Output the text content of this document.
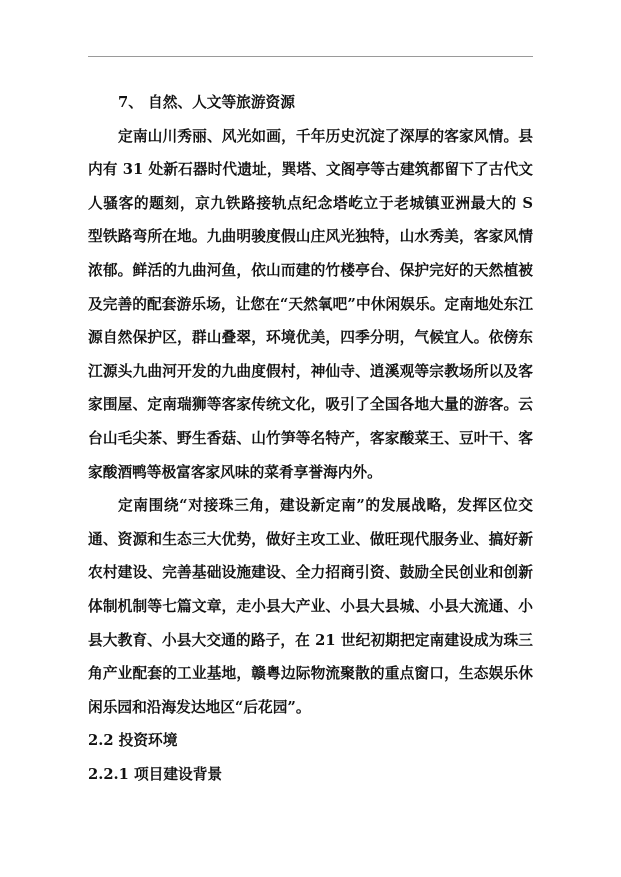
7、 自然、人文等旅游资源

定南山川秀丽、风光如画，千年历史沉淀了深厚的客家风情。县内有 31 处新石器时代遗址，巽塔、文阁亭等古建筑都留下了古代文人骚客的题刻，京九铁路接轨点纪念塔屹立于老城镇亚洲最大的 S 型铁路弯所在地。九曲明骏度假山庄风光独特，山水秀美，客家风情浓郁。鲜活的九曲河鱼，依山而建的竹楼亭台、保护完好的天然植被及完善的配套游乐场，让您在“天然氧吧”中休闲娱乐。定南地处东江源自然保护区，群山叠翠，环境优美，四季分明，气候宜人。依傍东江源头九曲河开发的九曲度假村，神仙寺、逍溪观等宗教场所以及客家围屋、定南瑞狮等客家传统文化，吸引了全国各地大量的游客。云台山毛尖茶、野生香菇、山竹笋等名特产，客家酸菜王、豆叶干、客家酸酒鸭等极富客家风味的菜肴享誉海内外。

定南围绕“对接珠三角，建设新定南”的发展战略，发挥区位交通、资源和生态三大优势，做好主攻工业、做旺现代服务业、搞好新农村建设、完善基础设施建设、全力招商引资、鼓励全民创业和创新体制机制等七篇文章，走小县大产业、小县大县城、小县大流通、小县大教育、小县大交通的路子，在 21 世纪初期把定南建设成为珠三角产业配套的工业基地，赣粤边际物流聚散的重点窗口，生态娱乐休闲乐园和沿海发达地区“后花园”。

2.2 投资环境

2.2.1 项目建设背景
